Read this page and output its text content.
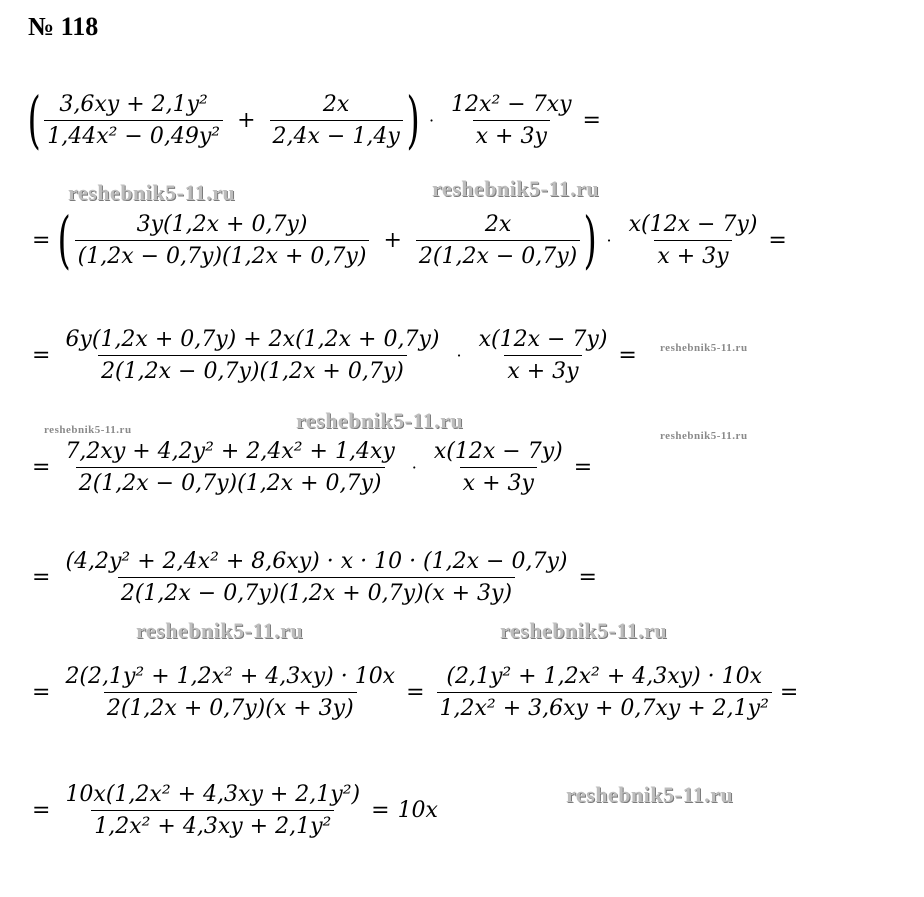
№ 118
( $\frac{\text{3,6xy + 2,1y²}}{\text{1,44x² − 0,49y²}} + \frac{2x}{2,4x - 1,4y}$ ) · $\frac{\text{12x² − 7xy}}{x + 3y}$ =
= ( $\frac{3y(1,2x + 0,7y)}{(1,2x - 0,7y)(1,2x + 0,7y)} + \frac{2x}{2(1,2x - 0,7y)}$ ) · $\frac{x(12x - 7y)}{x + 3y}$ =
= $\frac{6y(1,2x + 0,7y) + 2x(1,2x + 0,7y)}{2(1,2x - 0,7y)(1,2x + 0,7y)} \cdot \frac{x(12x - 7y)}{x + 3y}$ =
= $\frac{\text{7,2xy + 4,2y² + 2,4x² + 1,4xy}}{2(1,2x - 0,7y)(1,2x + 0,7y)} \cdot \frac{x(12x - 7y)}{x + 3y}$ =
= $\frac{\text{(4,2y² + 2,4x² + 8,6xy) · x · 10 · (1,2x − 0,7y)}}{2(1,2x - 0,7y)(1,2x + 0,7y)(x + 3y)}$ =
= $\frac{\text{2(2,1y² + 1,2x² + 4,3xy) · 10x}}{2(1,2x + 0,7y)(x + 3y)} = \frac{\text{(2,1y² + 1,2x² + 4,3xy) · 10x}}{\text{1,2x² + 3,6xy + 0,7xy + 2,1y²}}$ =
= $\frac{\text{10x(1,2x² + 4,3xy + 2,1y²)}}{\text{1,2x² + 4,3xy + 2,1y²}} = 10x$
reshebnik5-11.ru	reshebnik5-11.ru
reshebnik5-11.ru
reshebnik5-11.ru	reshebnik5-11.ru
reshebnik5-11.ru
reshebnik5-11.ru	reshebnik5-11.ru
reshebnik5-11.ru
